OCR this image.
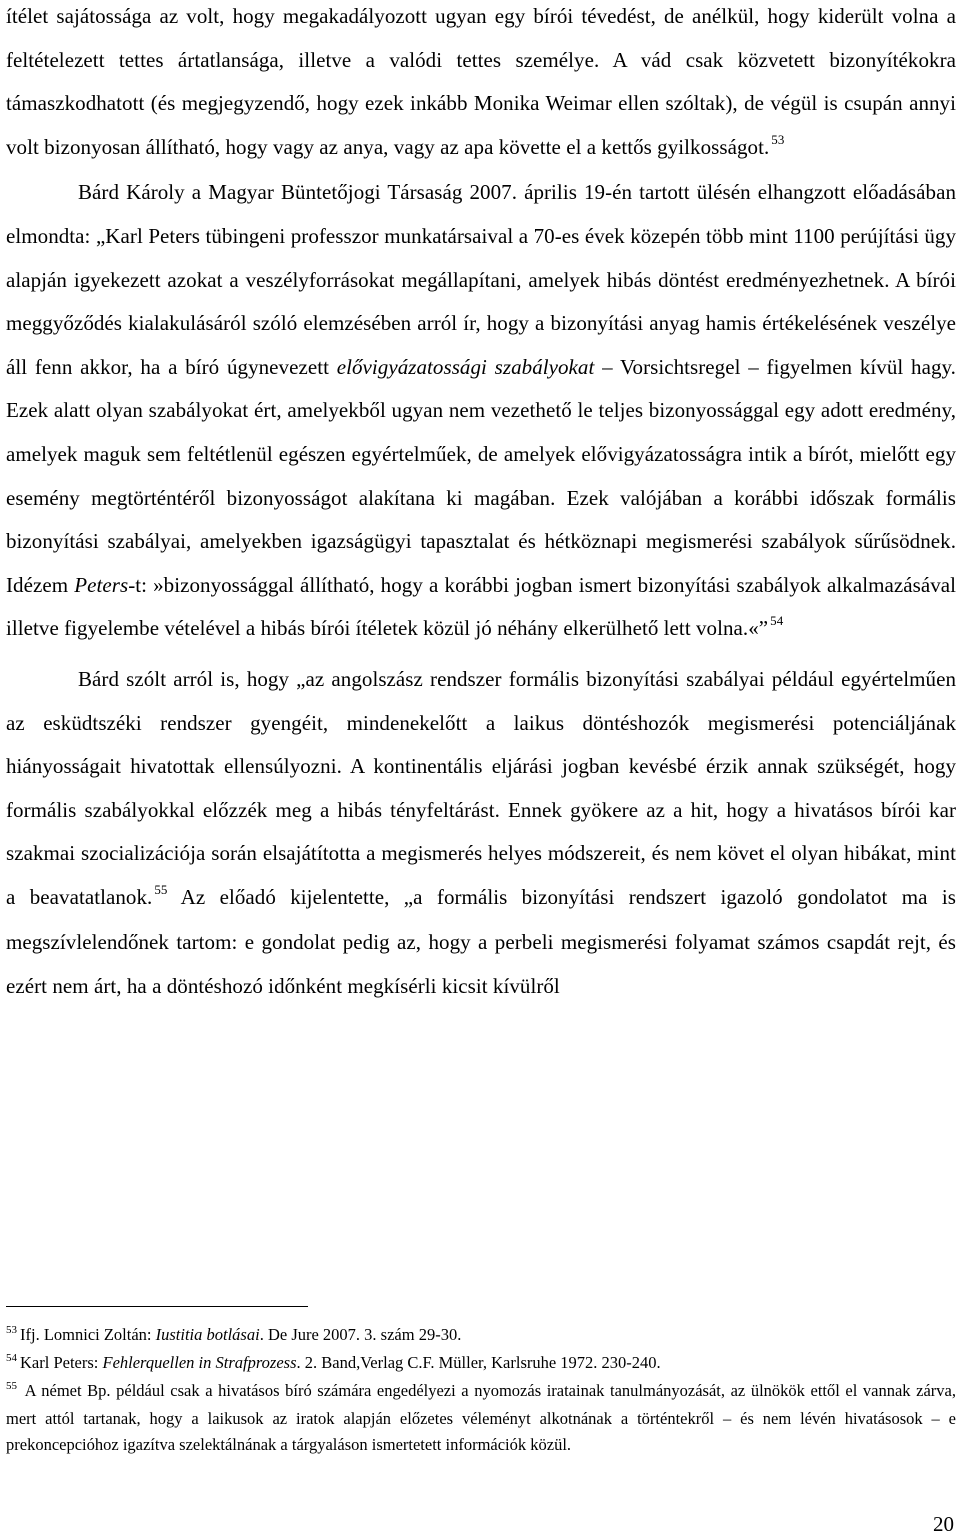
ítélet sajátossága az volt, hogy megakadályozott ugyan egy bírói tévedést, de anélkül, hogy kiderült volna a feltételezett tettes ártatlansága, illetve a valódi tettes személye. A vád csak közvetett bizonyítékokra támaszkodhatott (és megjegyzendő, hogy ezek inkább Monika Weimar ellen szóltak), de végül is csupán annyi volt bizonyosan állítható, hogy vagy az anya, vagy az apa követte el a kettős gyilkosságot. $^{53}$

Bárd Károly a Magyar Büntetőjogi Társaság 2007. április 19-én tartott ülésén elhangzott előadásában elmondta: „Karl Peters tübingeni professzor munkatársaival a 70-es évek közepén több mint 1100 perújítási ügy alapján igyekezett azokat a veszélyforrásokat megállapítani, amelyek hibás döntést eredményezhetnek. A bírói meggyőződés kialakulásáról szóló elemzésében arról ír, hogy a bizonyítási anyag hamis értékelésének veszélye áll fenn akkor, ha a bíró úgynevezett elővigyázatossági szabályokat – Vorsichtsregel – figyelmen kívül hagy. Ezek alatt olyan szabályokat ért, amelyekből ugyan nem vezethető le teljes bizonyossággal egy adott eredmény, amelyek maguk sem feltétlenül egészen egyértelműek, de amelyek elővigyázatosságra intik a bírót, mielőtt egy esemény megtörténtéről bizonyosságot alakítana ki magában. Ezek valójában a korábbi időszak formális bizonyítási szabályai, amelyekben igazságügyi tapasztalat és hétköznapi megismerési szabályok sűrűsödnek. Idézem Peters-t: »bizonyossággal állítható, hogy a korábbi jogban ismert bizonyítási szabályok alkalmazásával illetve figyelembe vételével a hibás bírói ítéletek közül jó néhány elkerülhető lett volna.«” $^{54}$

Bárd szólt arról is, hogy „az angolszász rendszer formális bizonyítási szabályai például egyértelműen az esküdtszéki rendszer gyengéit, mindenekelőtt a laikus döntéshozók megismerési potenciáljának hiányosságait hivatottak ellensúlyozni. A kontinentális eljárási jogban kevésbé érzik annak szükségét, hogy formális szabályokkal előzzék meg a hibás tényfeltárást. Ennek gyökere az a hit, hogy a hivatásos bírói kar szakmai szocializációja során elsajátította a megismerés helyes módszereit, és nem követ el olyan hibákat, mint a beavatatlanok. $^{55}$ Az előadó kijelentette, „a formális bizonyítási rendszert igazoló gondolatot ma is megszívlelendőnek tartom: e gondolat pedig az, hogy a perbeli megismerési folyamat számos csapdát rejt, és ezért nem árt, ha a döntéshozó időnként megkísérli kicsit kívülről

$^{53}$ Ifj. Lomnici Zoltán: Iustitia botlásai. De Jure 2007. 3. szám 29-30.

$^{54}$ Karl Peters: Fehlerquellen in Strafprozess. 2. Band,Verlag C.F. Müller, Karlsruhe 1972. 230-240.

$^{55}$ A német Bp. például csak a hivatásos bíró számára engedélyezi a nyomozás iratainak tanulmányozását, az ülnökök ettől el vannak zárva, mert attól tartanak, hogy a laikusok az iratok alapján előzetes véleményt alkotnának a történtekről – és nem lévén hivatásosok – e prekoncepcióhoz igazítva szelektálnának a tárgyaláson ismertetett információk közül.

20
